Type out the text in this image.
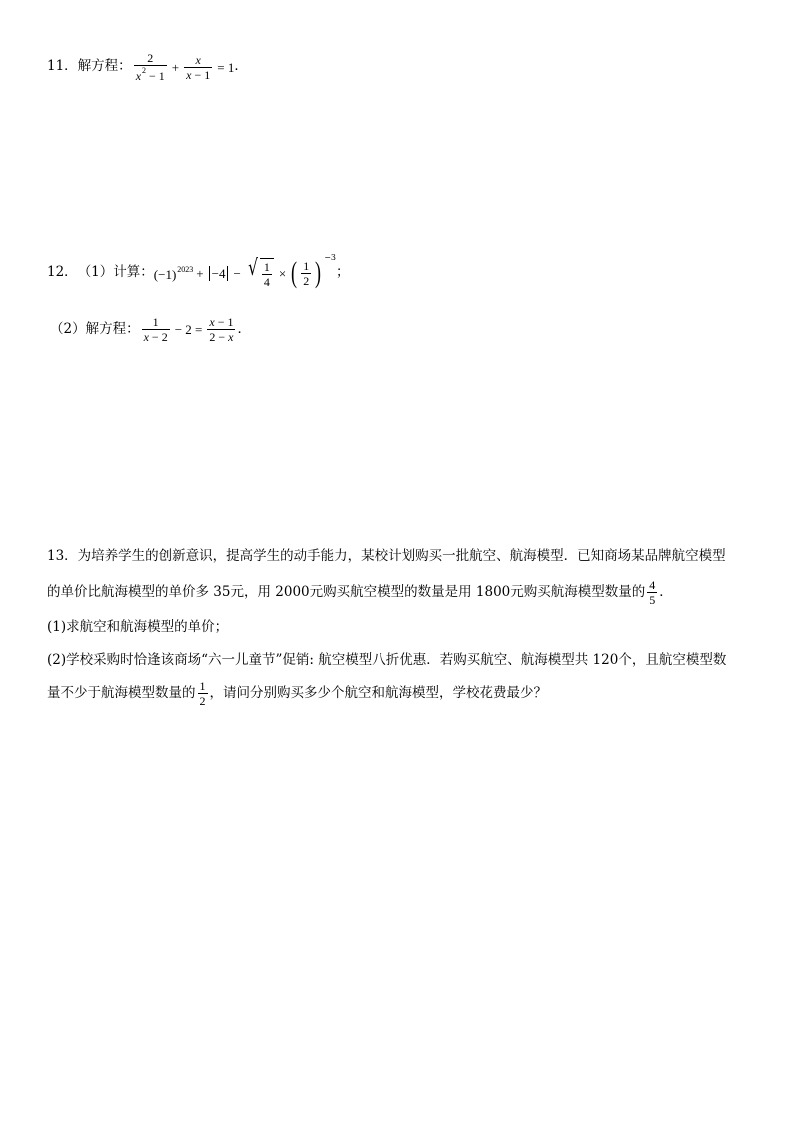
11． 解方程： $\frac{2}{x^2 - 1} + \frac{x}{x - 1} = 1$ ．
12． （1）计算： $(-1)^{2023} + -4$ − √ $\frac{1}{4}$ × ( $\frac{1}{2}$ ) $^{-3}$
；
（2）解方程： $\frac{1}{x - 2} - 2 = \frac{x - 1}{2 - x}$ ．
13．为培养学生的创新意识，提高学生的动手能力，某校计划购买一批航空、航海模型．已知商场某品牌航空模型
的单价比航海模型的单价多 35元，用 2000元购买航空模型的数量是用 1800元购买航海模型数量的 $\frac{4}{5}$ ．
(1)求航空和航海模型的单价；
(2)学校采购时恰逢该商场“六一儿童节”促销: 航空模型八折优惠．若购买航空、航海模型共 120个，且航空模型数
量不少于航海模型数量的 $\frac{1}{2}$ ，请问分别购买多少个航空和航海模型，学校花费最少？
